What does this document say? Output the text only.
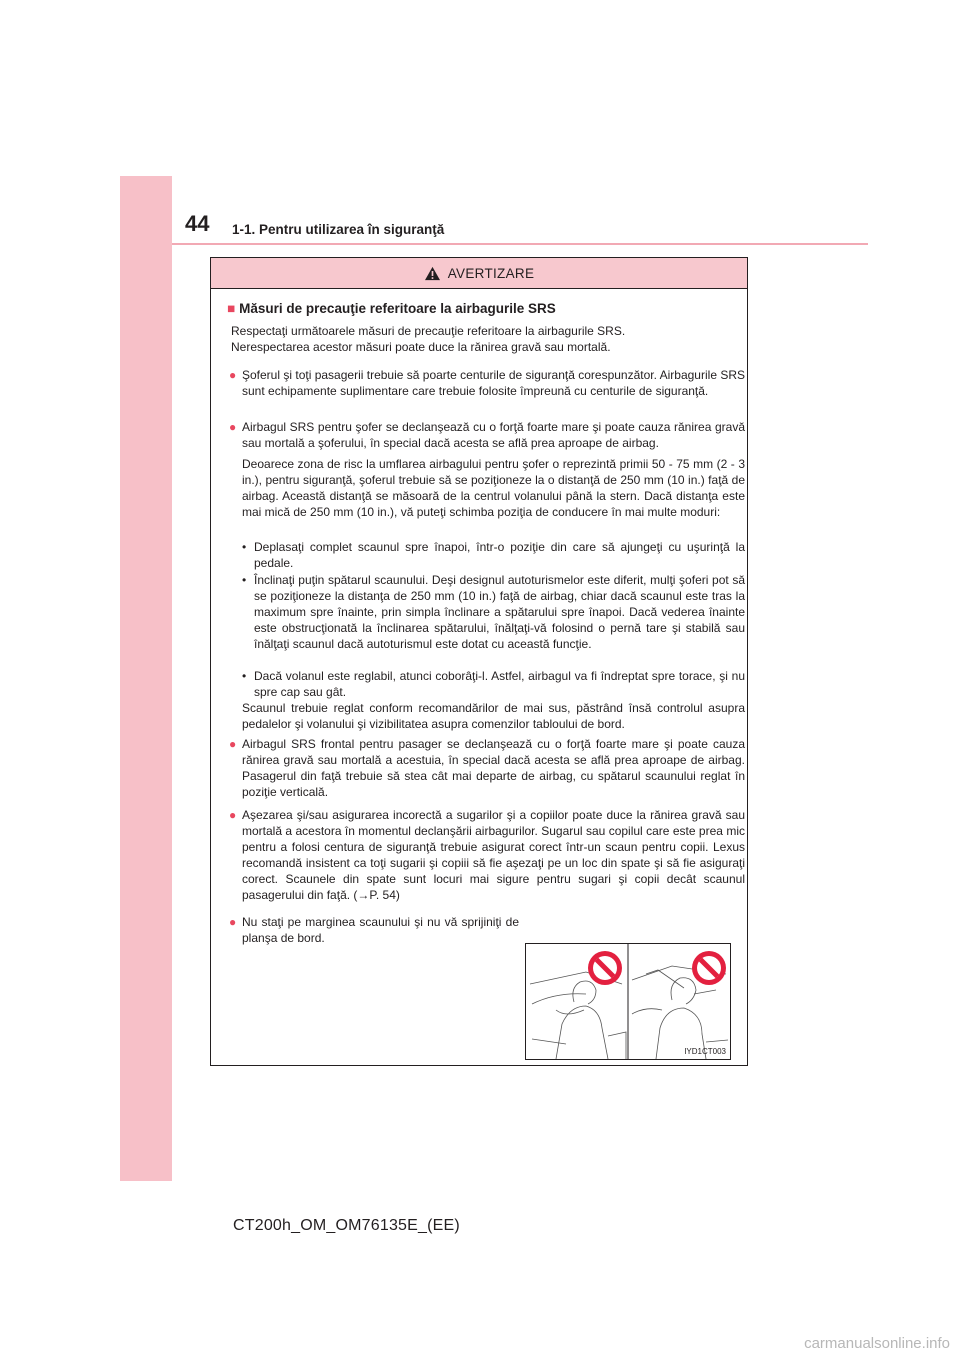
44 1-1. Pentru utilizarea în siguranţă
AVERTIZARE
■ Măsuri de precauţie referitoare la airbagurile SRS
Respectaţi următoarele măsuri de precauţie referitoare la airbagurile SRS.
Nerespectarea acestor măsuri poate duce la rănirea gravă sau mortală.
● Şoferul şi toţi pasagerii trebuie să poarte centurile de siguranţă corespunzător. Airbagurile SRS sunt echipamente suplimentare care trebuie folosite împreună cu centurile de siguranţă.
● Airbagul SRS pentru şofer se declanşează cu o forţă foarte mare şi poate cauza rănirea gravă sau mortală a şoferului, în special dacă acesta se află prea aproape de airbag.
Deoarece zona de risc la umflarea airbagului pentru şofer o reprezintă primii 50 - 75 mm (2 - 3 in.), pentru siguranţă, şoferul trebuie să se poziţioneze la o distanţă de 250 mm (10 in.) faţă de airbag. Această distanţă se măsoară de la centrul volanului până la stern. Dacă distanţa este mai mică de 250 mm (10 in.), vă puteţi schimba poziţia de conducere în mai multe moduri:
• Deplasaţi complet scaunul spre înapoi, într-o poziţie din care să ajungeţi cu uşurinţă la pedale.
• Înclinaţi puţin spătarul scaunului. Deşi designul autoturismelor este diferit, mulţi şoferi pot să se poziţioneze la distanţa de 250 mm (10 in.) faţă de airbag, chiar dacă scaunul este tras la maximum spre înainte, prin simpla înclinare a spătarului spre înapoi. Dacă vederea înainte este obstrucţionată la înclinarea spătarului, înălţaţi-vă folosind o pernă tare şi stabilă sau înălţaţi scaunul dacă autoturismul este dotat cu această funcţie.
• Dacă volanul este reglabil, atunci coborâţi-l. Astfel, airbagul va fi îndreptat spre torace, şi nu spre cap sau gât.
Scaunul trebuie reglat conform recomandărilor de mai sus, păstrând însă controlul asupra pedalelor şi volanului şi vizibilitatea asupra comenzilor tabloului de bord.
● Airbagul SRS frontal pentru pasager se declanşează cu o forţă foarte mare şi poate cauza rănirea gravă sau mortală a acestuia, în special dacă acesta se află prea aproape de airbag. Pasagerul din faţă trebuie să stea cât mai departe de airbag, cu spătarul scaunului reglat în poziţie verticală.
● Aşezarea şi/sau asigurarea incorectă a sugarilor şi a copiilor poate duce la rănirea gravă sau mortală a acestora în momentul declanşării airbagurilor. Sugarul sau copilul care este prea mic pentru a folosi centura de siguranţă trebuie asigurat corect într-un scaun pentru copii. Lexus recomandă insistent ca toţi sugarii şi copiii să fie aşezaţi pe un loc din spate şi să fie asiguraţi corect. Scaunele din spate sunt locuri mai sigure pentru sugari şi copii decât scaunul pasagerului din faţă. (→P. 54)
● Nu staţi pe marginea scaunului şi nu vă sprijiniţi de planşa de bord.
IYD1CT003
CT200h_OM_OM76135E_(EE)
carmanualsonline.info
